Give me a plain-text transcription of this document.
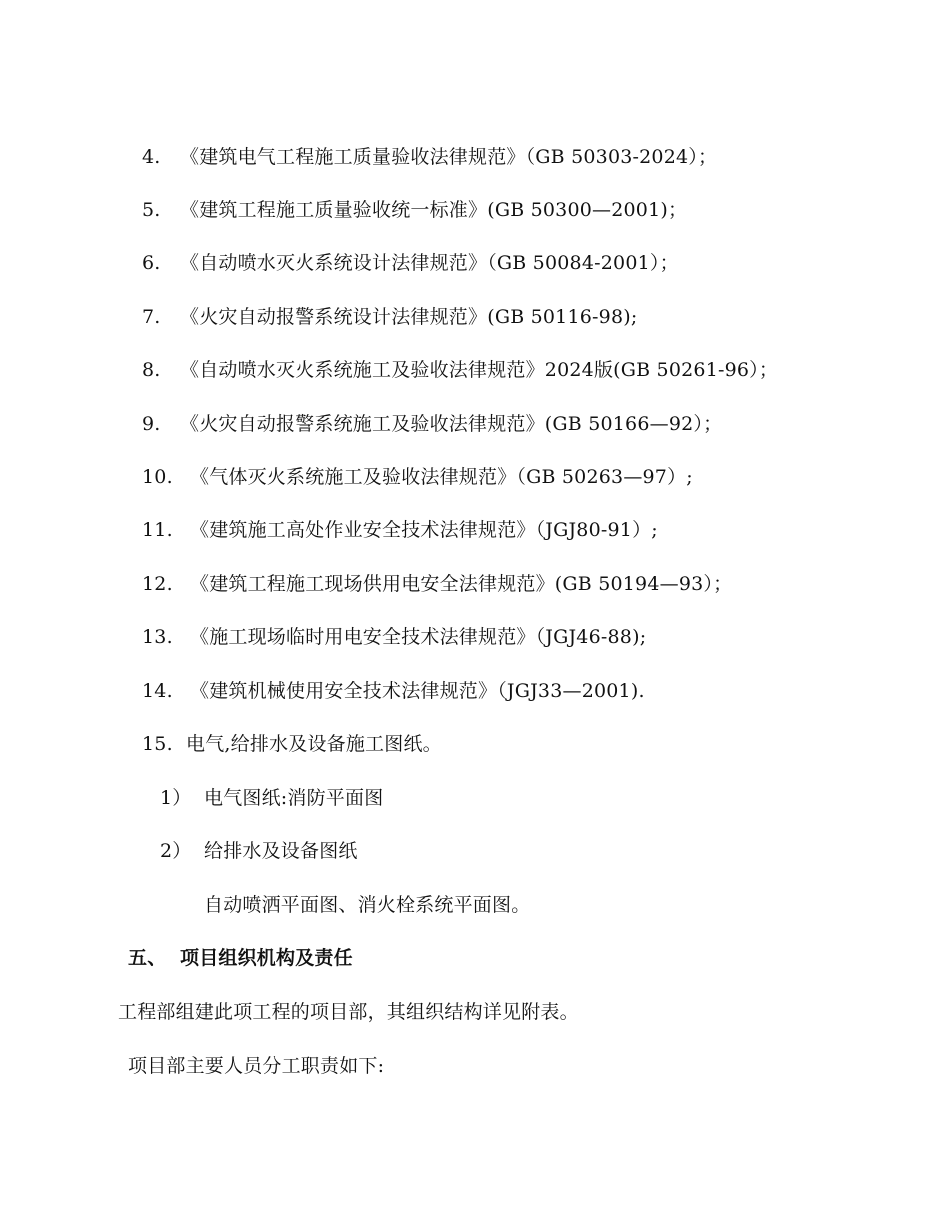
4. 《建筑电气工程施工质量验收法律规范》（GB 50303-2024）；
5. 《建筑工程施工质量验收统一标准》(GB 50300—2001)；
6. 《自动喷水灭火系统设计法律规范》（GB 50084-2001）；
7. 《火灾自动报警系统设计法律规范》(GB 50116-98);
8. 《自动喷水灭火系统施工及验收法律规范》2024版(GB 50261-96）；
9. 《火灾自动报警系统施工及验收法律规范》(GB 50166—92）；
10. 《气体灭火系统施工及验收法律规范》（GB 50263—97）;
11. 《建筑施工高处作业安全技术法律规范》（JGJ80-91）;
12. 《建筑工程施工现场供用电安全法律规范》(GB 50194—93）；
13. 《施工现场临时用电安全技术法律规范》（JGJ46-88);
14. 《建筑机械使用安全技术法律规范》（JGJ33—2001).
15. 电气,给排水及设备施工图纸。
1） 电气图纸:消防平面图
2） 给排水及设备图纸
自动喷洒平面图、消火栓系统平面图。
五、 项目组织机构及责任
工程部组建此项工程的项目部，其组织结构详见附表。
项目部主要人员分工职责如下:
